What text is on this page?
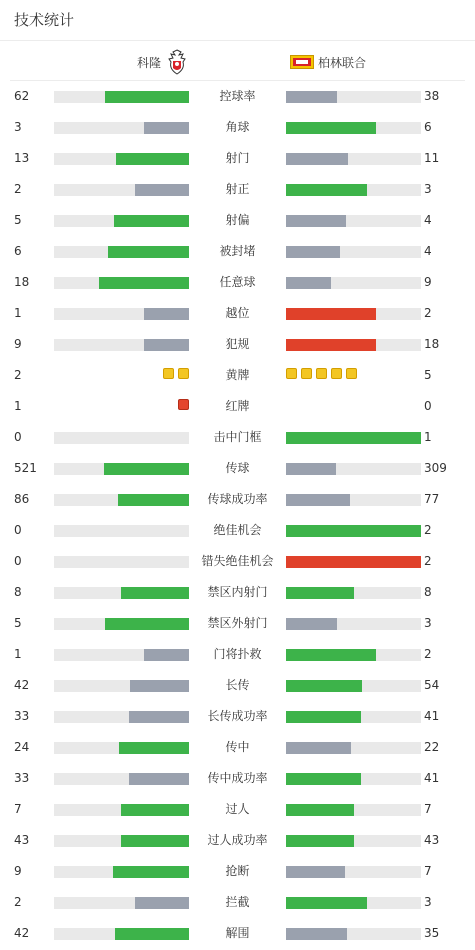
技术统计
科隆	柏林联合
62	控球率	38
3	角球	6
13	射门	11
2	射正	3
5	射偏	4
6	被封堵	4
18	任意球	9
1	越位	2
9	犯规	18
2	黄牌	5
1	红牌	0
0	击中门框	1
521	传球	309
86	传球成功率	77
0	绝佳机会	2
0	错失绝佳机会	2
8	禁区内射门	8
5	禁区外射门	3
1	门将扑救	2
42	长传	54
33	长传成功率	41
24	传中	22
33	传中成功率	41
7	过人	7
43	过人成功率	43
9	抢断	7
2	拦截	3
42	解围	35
